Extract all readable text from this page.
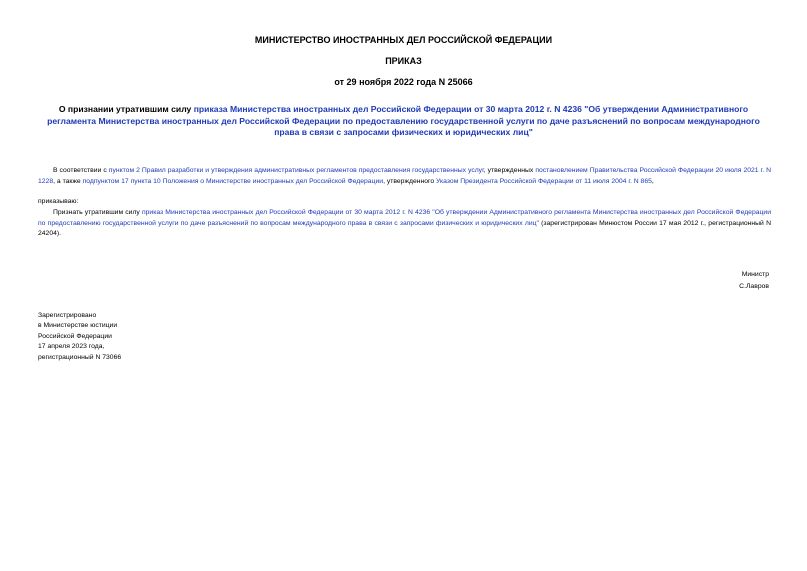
МИНИСТЕРСТВО ИНОСТРАННЫХ ДЕЛ РОССИЙСКОЙ ФЕДЕРАЦИИ
ПРИКАЗ
от 29 ноября 2022 года N 25066
О признании утратившим силу приказа Министерства иностранных дел Российской Федерации от 30 марта 2012 г. N 4236 "Об утверждении Административного регламента Министерства иностранных дел Российской Федерации по предоставлению государственной услуги по даче разъяснений по вопросам международного права в связи с запросами физических и юридических лиц"
В соответствии с пунктом 2 Правил разработки и утверждения административных регламентов предоставления государственных услуг, утвержденных постановлением Правительства Российской Федерации 20 июля 2021 г. N 1228, а также подпунктом 17 пункта 10 Положения о Министерстве иностранных дел Российской Федерации, утвержденного Указом Президента Российской Федерации от 11 июля 2004 г. N 865,
приказываю:
Признать утратившим силу приказ Министерства иностранных дел Российской Федерации от 30 марта 2012 г. N 4236 "Об утверждении Административного регламента Министерства иностранных дел Российской Федерации по предоставлению государственной услуги по даче разъяснений по вопросам международного права в связи с запросами физических и юридических лиц" (зарегистрирован Минюстом России 17 мая 2012 г., регистрационный N 24204).
Министр
С.Лавров
Зарегистрировано
в Министерстве юстиции
Российской Федерации
17 апреля 2023 года,
регистрационный N 73066
